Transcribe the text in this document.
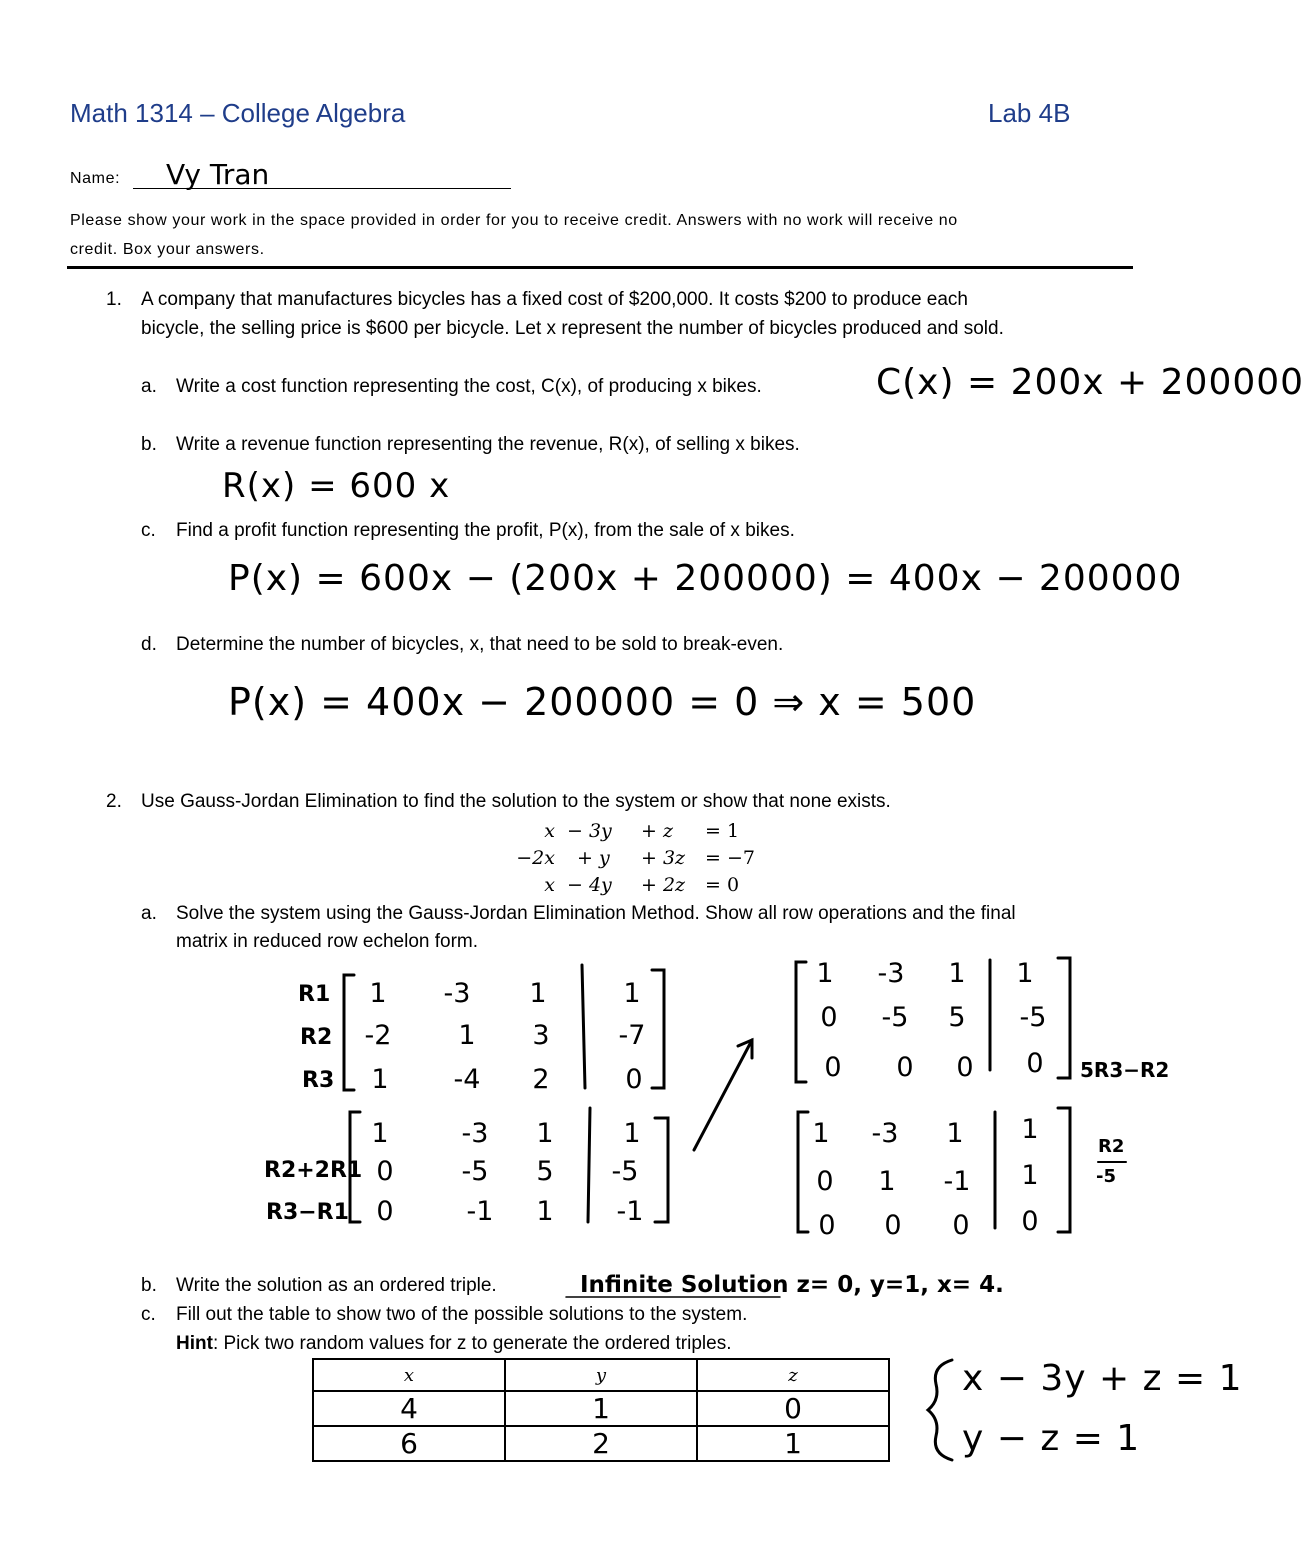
Math 1314 – College Algebra	Lab 4B
Name: Vy Tran
Please show your work in the space provided in order for you to receive credit. Answers with no work will receive no
credit. Box your answers.
1. A company that manufactures bicycles has a fixed cost of $200,000. It costs $200 to produce each
bicycle, the selling price is $600 per bicycle. Let x represent the number of bicycles produced and sold.
a. Write a cost function representing the cost, C(x), of producing x bikes.	C(x) = 200x + 200000
b. Write a revenue function representing the revenue, R(x), of selling x bikes.
R(x) = 600 x
c. Find a profit function representing the profit, P(x), from the sale of x bikes.
P(x) = 600x − (200x + 200000) = 400x − 200000
d. Determine the number of bicycles, x, that need to be sold to break-even.
P(x) = 400x − 200000 = 0 ⇒ x = 500
2. Use Gauss-Jordan Elimination to find the solution to the system or show that none exists.
x − 3y + z = 1
−2x + y + 3z = −7
x − 4y + 2z = 0
a. Solve the system using the Gauss-Jordan Elimination Method. Show all row operations and the final
matrix in reduced row echelon form.
R1
R2
R3
1	-3	1	1
-2	1	3	-7
1	-4	2	0
R2+2R1
R3−R1
1	-3	1	1
0	-5	5	-5
0	-1	1	-1
1	-3	1	1
0	-5	5	-5
0	0	0	0	5R3−R2
1	-3	1	1
0	1	-1	1
0	0	0	0
R2
-5
b. Write the solution as an ordered triple.	Infinite Solution z= 0, y=1, x= 4.
c. Fill out the table to show two of the possible solutions to the system.
Hint: Pick two random values for z to generate the ordered triples.
x	y	z
4	1	0
6	2	1
x − 3y + z = 1
y − z = 1
